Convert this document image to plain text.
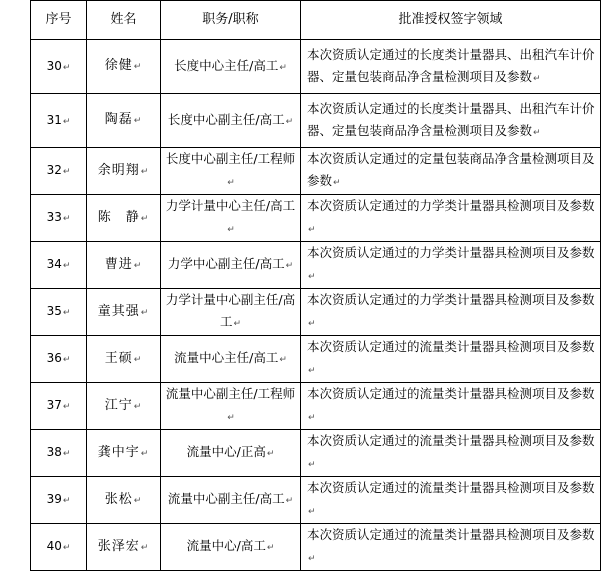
序号	姓名	职务/职称	批准授权签字领域
30↵	徐健↵	长度中心主任/高工↵	本次资质认定通过的长度类计量器具、出租汽车计价器、定量包装商品净含量检测项目及参数↵
31↵	陶磊↵	长度中心副主任/高工↵	本次资质认定通过的长度类计量器具、出租汽车计价器、定量包装商品净含量检测项目及参数↵
32↵	余明翔↵	长度中心副主任/工程师↵	本次资质认定通过的定量包装商品净含量检测项目及参数↵
33↵	陈　静↵	力学计量中心主任/高工↵	本次资质认定通过的力学类计量器具检测项目及参数↵
34↵	曹进↵	力学中心副主任/高工↵	本次资质认定通过的力学类计量器具检测项目及参数↵
35↵	童其强↵	力学计量中心副主任/高工↵	本次资质认定通过的力学类计量器具检测项目及参数↵
36↵	王硕↵	流量中心主任/高工↵	本次资质认定通过的流量类计量器具检测项目及参数↵
37↵	江宁↵	流量中心副主任/工程师↵	本次资质认定通过的流量类计量器具检测项目及参数↵
38↵	龚中宇↵	流量中心/正高↵	本次资质认定通过的流量类计量器具检测项目及参数↵
39↵	张松↵	流量中心副主任/高工↵	本次资质认定通过的流量类计量器具检测项目及参数↵
40↵	张泽宏↵	流量中心/高工↵	本次资质认定通过的流量类计量器具检测项目及参数↵
